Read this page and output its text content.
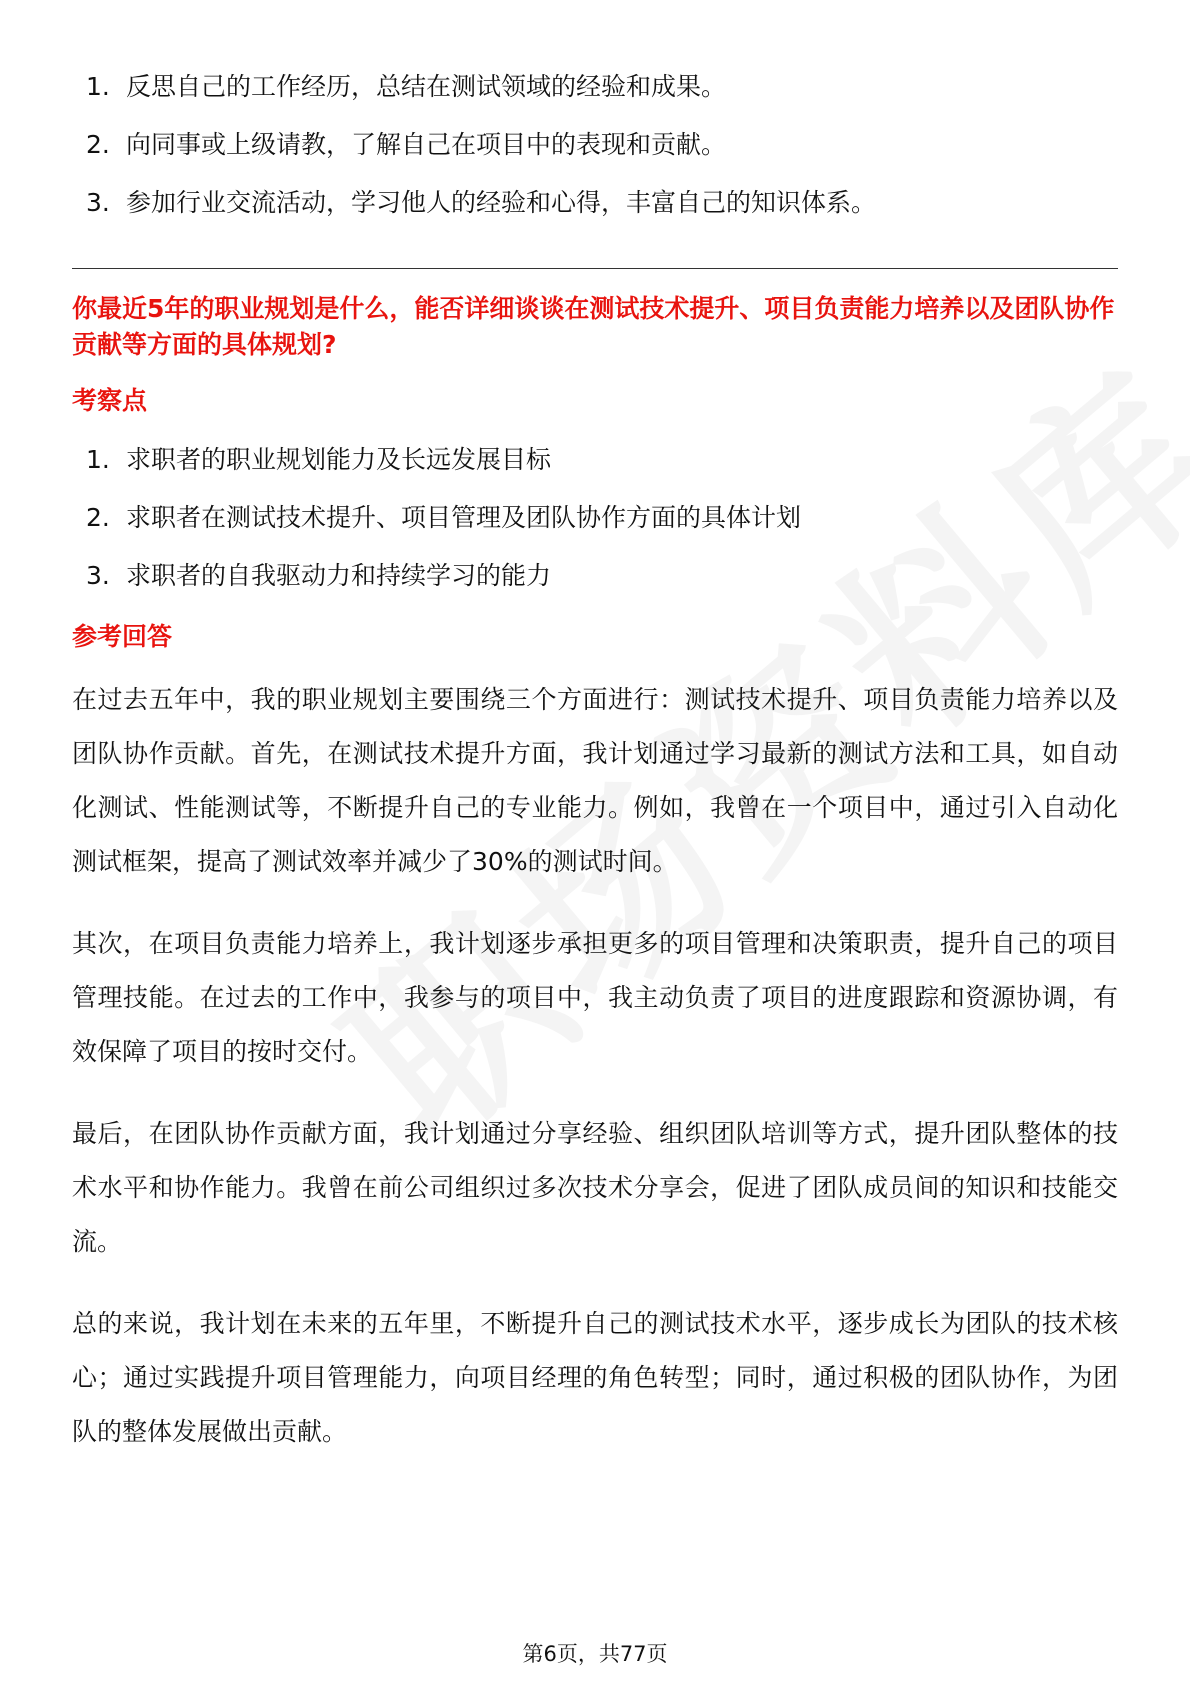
1. 反思自己的工作经历，总结在测试领域的经验和成果。
2. 向同事或上级请教，了解自己在项目中的表现和贡献。
3. 参加行业交流活动，学习他人的经验和心得，丰富自己的知识体系。
你最近5年的职业规划是什么，能否详细谈谈在测试技术提升、项目负责能力培养以及团队协作贡献等方面的具体规划?
考察点
1. 求职者的职业规划能力及长远发展目标
2. 求职者在测试技术提升、项目管理及团队协作方面的具体计划
3. 求职者的自我驱动力和持续学习的能力
参考回答

在过去五年中，我的职业规划主要围绕三个方面进行：测试技术提升、项目负责能力培养以及团队协作贡献。首先，在测试技术提升方面，我计划通过学习最新的测试方法和工具，如自动化测试、性能测试等，不断提升自己的专业能力。例如，我曾在一个项目中，通过引入自动化测试框架，提高了测试效率并减少了30%的测试时间。

其次，在项目负责能力培养上，我计划逐步承担更多的项目管理和决策职责，提升自己的项目管理技能。在过去的工作中，我参与的项目中，我主动负责了项目的进度跟踪和资源协调，有效保障了项目的按时交付。

最后，在团队协作贡献方面，我计划通过分享经验、组织团队培训等方式，提升团队整体的技术水平和协作能力。我曾在前公司组织过多次技术分享会，促进了团队成员间的知识和技能交流。

总的来说，我计划在未来的五年里，不断提升自己的测试技术水平，逐步成长为团队的技术核心；通过实践提升项目管理能力，向项目经理的角色转型；同时，通过积极的团队协作，为团队的整体发展做出贡献。

第6页，共77页
